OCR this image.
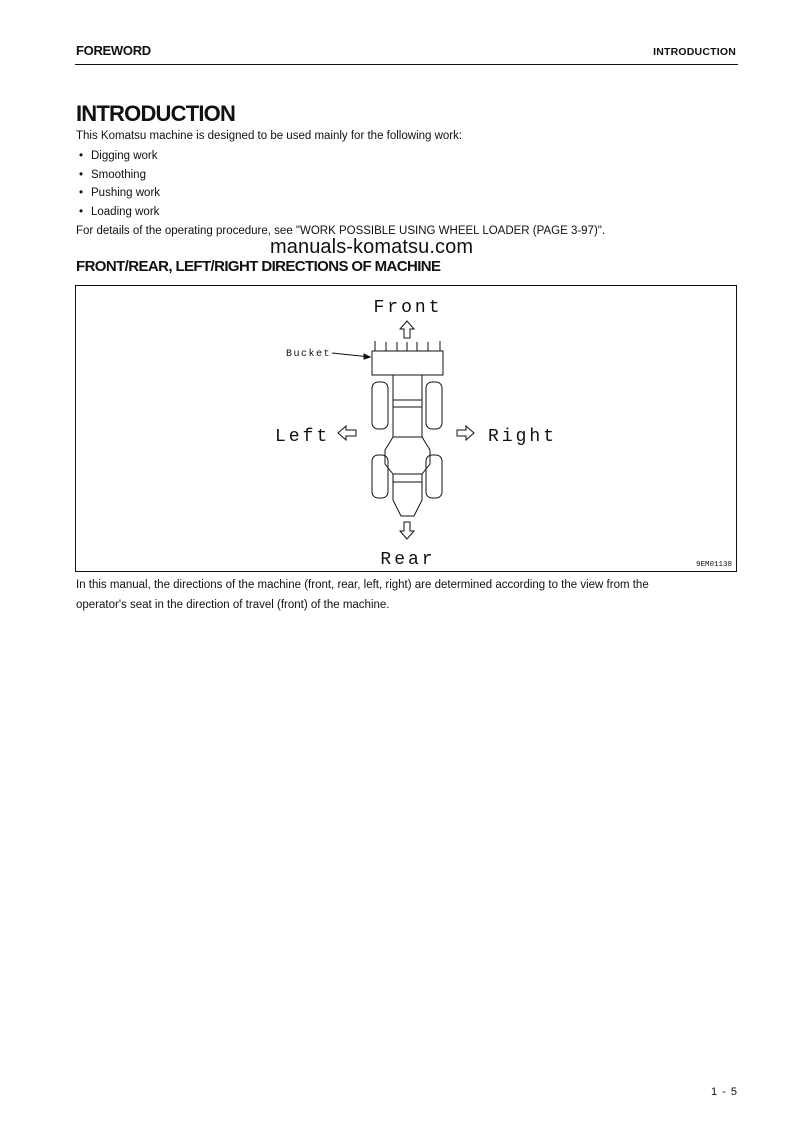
FOREWORD	INTRODUCTION
INTRODUCTION
This Komatsu machine is designed to be used mainly for the following work:
• Digging work
• Smoothing
• Pushing work
• Loading work
For details of the operating procedure, see "WORK POSSIBLE USING WHEEL LOADER (PAGE 3-97)".
manuals-komatsu.com
FRONT/REAR, LEFT/RIGHT DIRECTIONS OF MACHINE
Front
Rear
Left	Right
Bucket
9EM01138
In this manual, the directions of the machine (front, rear, left, right) are determined according to the view from the
operator's seat in the direction of travel (front) of the machine.
1 - 5
